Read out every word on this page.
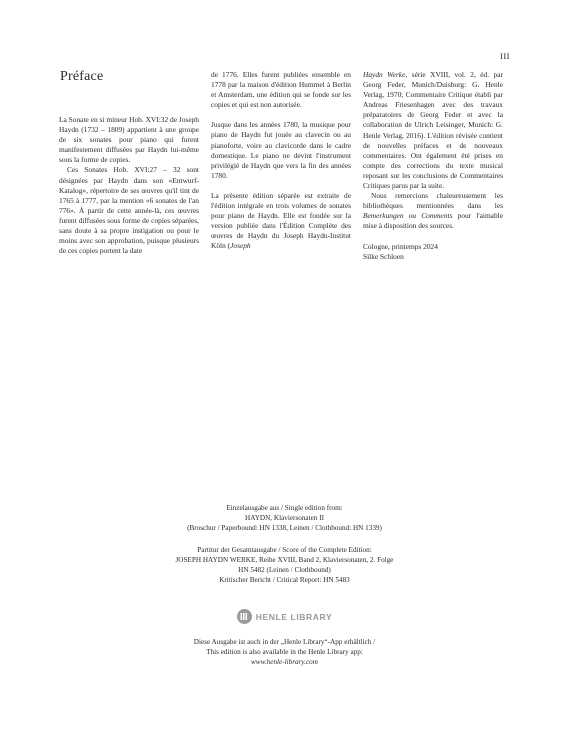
III
Préface

La Sonate en si mineur Hob. XVI:32 de Joseph Haydn (1732 – 1809) appartient à une groupe de six sonates pour piano qui furent manifestement diffusées par Haydn lui-même sous la forme de copies.

Ces Sonates Hob. XVI:27 – 32 sont désignées par Haydn dans son «Entwurf-Katalog», répertoire de ses œuvres qu'il tint de 1765 à 1777, par la mention «6 sonates de l'an 776». À partir de cette année-là, ces œuvres furent diffusées sous forme de copies séparées, sans doute à sa propre instigation ou pour le moins avec son approbation, puisque plusieurs de ces copies portent la date

de 1776. Elles furent publiées ensemble en 1778 par la maison d'édition Hummel à Berlin et Amsterdam, une édition qui se fonde sur les copies et qui est non autorisée.

Jusque dans les années 1780, la musique pour piano de Haydn fut jouée au clavecin ou au pianoforte, voire au clavicorde dans le cadre domestique. Le piano ne devint l'instrument privilégié de Haydn que vers la fin des années 1780.

La présente édition séparée est extraite de l'édition intégrale en trois volumes de sonates pour piano de Haydn. Elle est fondée sur la version publiée dans l'Édition Complète des œuvres de Haydn du Joseph Haydn-Institut Köln (Joseph

Haydn Werke, série XVIII, vol. 2, éd. par Georg Feder, Munich/Duisburg: G. Henle Verlag, 1970; Commentaire Critique établi par Andreas Friesenhagen avec des travaux préparatoires de Georg Feder et avec la collaboration de Ulrich Leisinger, Munich: G. Henle Verlag, 2016). L'édition révisée contient de nouvelles préfaces et de nouveaux commentaires. Ont également été prises en compte des corrections du texte musical reposant sur les conclusions de Commentaires Critiques parus par la suite.

Nous remercions chaleureusement les bibliothèques mentionnées dans les Bemerkungen ou Comments pour l'aimable mise à disposition des sources.

Cologne, printemps 2024

Silke Schloen

Einzelausgabe aus / Single edition from:

HAYDN, Klaviersonaten II

(Broschur / Paperbound: HN 1338, Leinen / Clothbound: HN 1339)

Partitur der Gesamtausgabe / Score of the Complete Edition:

JOSEPH HAYDN WERKE, Reihe XVIII, Band 2, Klaviersonaten, 2. Folge

HN 5482 (Leinen / Clothbound)

Kritischer Bericht / Critical Report: HN 5483

HENLE LIBRARY

Diese Ausgabe ist auch in der „Henle Library“-App erhältlich /

This edition is also available in the Henle Library app:

www.henle-library.com
